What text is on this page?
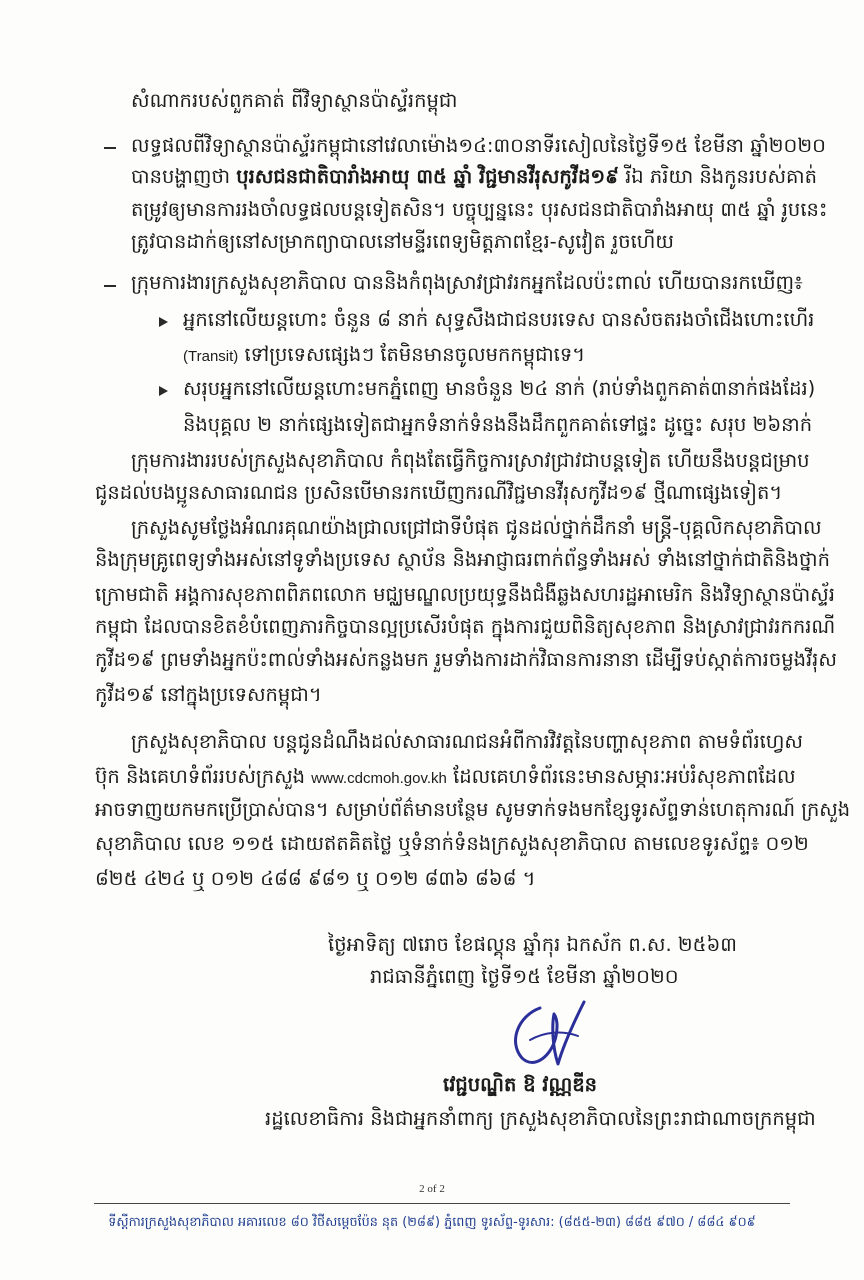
សំណាករបស់ពួកគាត់ ពីវិទ្យាស្ថានប៉ាស្ទ័រកម្ពុជា
លទ្ធផលពីវិទ្យាស្ថានប៉ាស្ទ័រកម្ពុជានៅវេលាម៉ោង១៤:៣០នាទីរសៀលនៃថ្ងៃទី១៥ ខែមីនា ឆ្នាំ២០២០
បានបង្ហាញថា បុរសជនជាតិបារាំងអាយុ ៣៥ ឆ្នាំ វិជ្ជមានវីរុសកូវីដ១៩ រីឯ ភរិយា និងកូនរបស់គាត់
តម្រូវឲ្យមានការរងចាំលទ្ធផលបន្តទៀតសិន។ បច្ចុប្បន្ននេះ បុរសជនជាតិបារាំងអាយុ ៣៥ ឆ្នាំ រូបនេះ
ត្រូវបានដាក់ឲ្យនៅសម្រាកព្យាបាលនៅមន្ទីរពេទ្យមិត្តភាពខ្មែរ-សូវៀត រួចហើយ
ក្រុមការងារក្រសួងសុខាភិបាល បាននិងកំពុងស្រាវជ្រាវរកអ្នកដែលប៉ះពាល់ ហើយបានរកឃើញ៖
អ្នកនៅលើយន្តហោះ ចំនួន ៨ នាក់ សុទ្ធសឹងជាជនបរទេស បានសំចតរងចាំជើងហោះហើរ
(Transit) ទៅប្រទេសផ្សេងៗ តែមិនមានចូលមកកម្ពុជាទេ។
សរុបអ្នកនៅលើយន្តហោះមកភ្នំពេញ មានចំនួន ២៤ នាក់ (រាប់ទាំងពួកគាត់៣នាក់ផងដែរ)
និងបុគ្គល ២ នាក់ផ្សេងទៀតជាអ្នកទំនាក់ទំនងនឹងដឹកពួកគាត់ទៅផ្ទះ ដូច្នេះ សរុប ២៦នាក់
ក្រុមការងាររបស់ក្រសួងសុខាភិបាល កំពុងតែធ្វើកិច្ចការស្រាវជ្រាវជាបន្តទៀត ហើយនឹងបន្តជម្រាប
ជូនដល់បងប្អូនសាធារណជន ប្រសិនបើមានរកឃើញករណីវិជ្ជមានវីរុសកូវីដ១៩ ថ្មីណាផ្សេងទៀត។
ក្រសួងសូមថ្លែងអំណរគុណយ៉ាងជ្រាលជ្រៅជាទីបំផុត ជូនដល់ថ្នាក់ដឹកនាំ មន្ត្រី-បុគ្គលិកសុខាភិបាល
និងក្រុមគ្រូពេទ្យទាំងអស់នៅទូទាំងប្រទេស ស្ថាប័ន និងអាជ្ញាធរពាក់ព័ន្ធទាំងអស់ ទាំងនៅថ្នាក់ជាតិនិងថ្នាក់
ក្រោមជាតិ អង្គការសុខភាពពិភពលោក មជ្ឈមណ្ឌលប្រយុទ្ធនឹងជំងឺឆ្លងសហរដ្ឋអាមេរិក និងវិទ្យាស្ថានប៉ាស្ទ័រ
កម្ពុជា ដែលបានខិតខំបំពេញភារកិច្ចបានល្អប្រសើរបំផុត ក្នុងការជួយពិនិត្យសុខភាព និងស្រាវជ្រាវរកករណី
កូវីដ១៩ ព្រមទាំងអ្នកប៉ះពាល់ទាំងអស់កន្លងមក រួមទាំងការដាក់វិធានការនានា ដើម្បីទប់ស្កាត់ការចម្លងវីរុស
កូវីដ១៩ នៅក្នុងប្រទេសកម្ពុជា។
ក្រសួងសុខាភិបាល បន្តជូនដំណឹងដល់សាធារណជនអំពីការវិវត្តនៃបញ្ហាសុខភាព តាមទំព័រហ្វេស
ប៊ុក និងគេហទំព័ររបស់ក្រសួង www.cdcmoh.gov.kh ដែលគេហទំព័រនេះមានសម្ភារៈអប់រំសុខភាពដែល
អាចទាញយកមកប្រើប្រាស់បាន។ សម្រាប់ព័ត៌មានបន្ថែម សូមទាក់ទងមកខ្សែទូរស័ព្ទទាន់ហេតុការណ៍ ក្រសួង
សុខាភិបាល លេខ ១១៥ ដោយឥតគិតថ្លៃ ឬទំនាក់ទំនងក្រសួងសុខាភិបាល តាមលេខទូរស័ព្ទ៖ ០១២
៨២៥ ៤២៤ ឬ ០១២ ៤៨៨ ៩៨១ ឬ ០១២ ៨៣៦ ៨៦៨ ។
ថ្ងៃអាទិត្យ ៧រោច ខែផល្គុន ឆ្នាំកុរ ឯកស័ក ព.ស. ២៥៦៣
រាជធានីភ្នំពេញ ថ្ងៃទី១៥ ខែមីនា ឆ្នាំ២០២០
វេជ្ជបណ្ឌិត ឱ វណ្ណឌីន
រដ្ឋលេខាធិការ និងជាអ្នកនាំពាក្យ ក្រសួងសុខាភិបាលនៃព្រះរាជាណាចក្រកម្ពុជា
2 of 2
ទីស្តីការក្រសួងសុខាភិបាល អគារលេខ ៨០ វិថីសម្តេចប៉ែន នុត (២៨៩) ភ្នំពេញ ទូរស័ព្ទ-ទូរសារ: (៨៥៥-២៣) ៨៨៥ ៩៧០ / ៨៨៤ ៩០៩
